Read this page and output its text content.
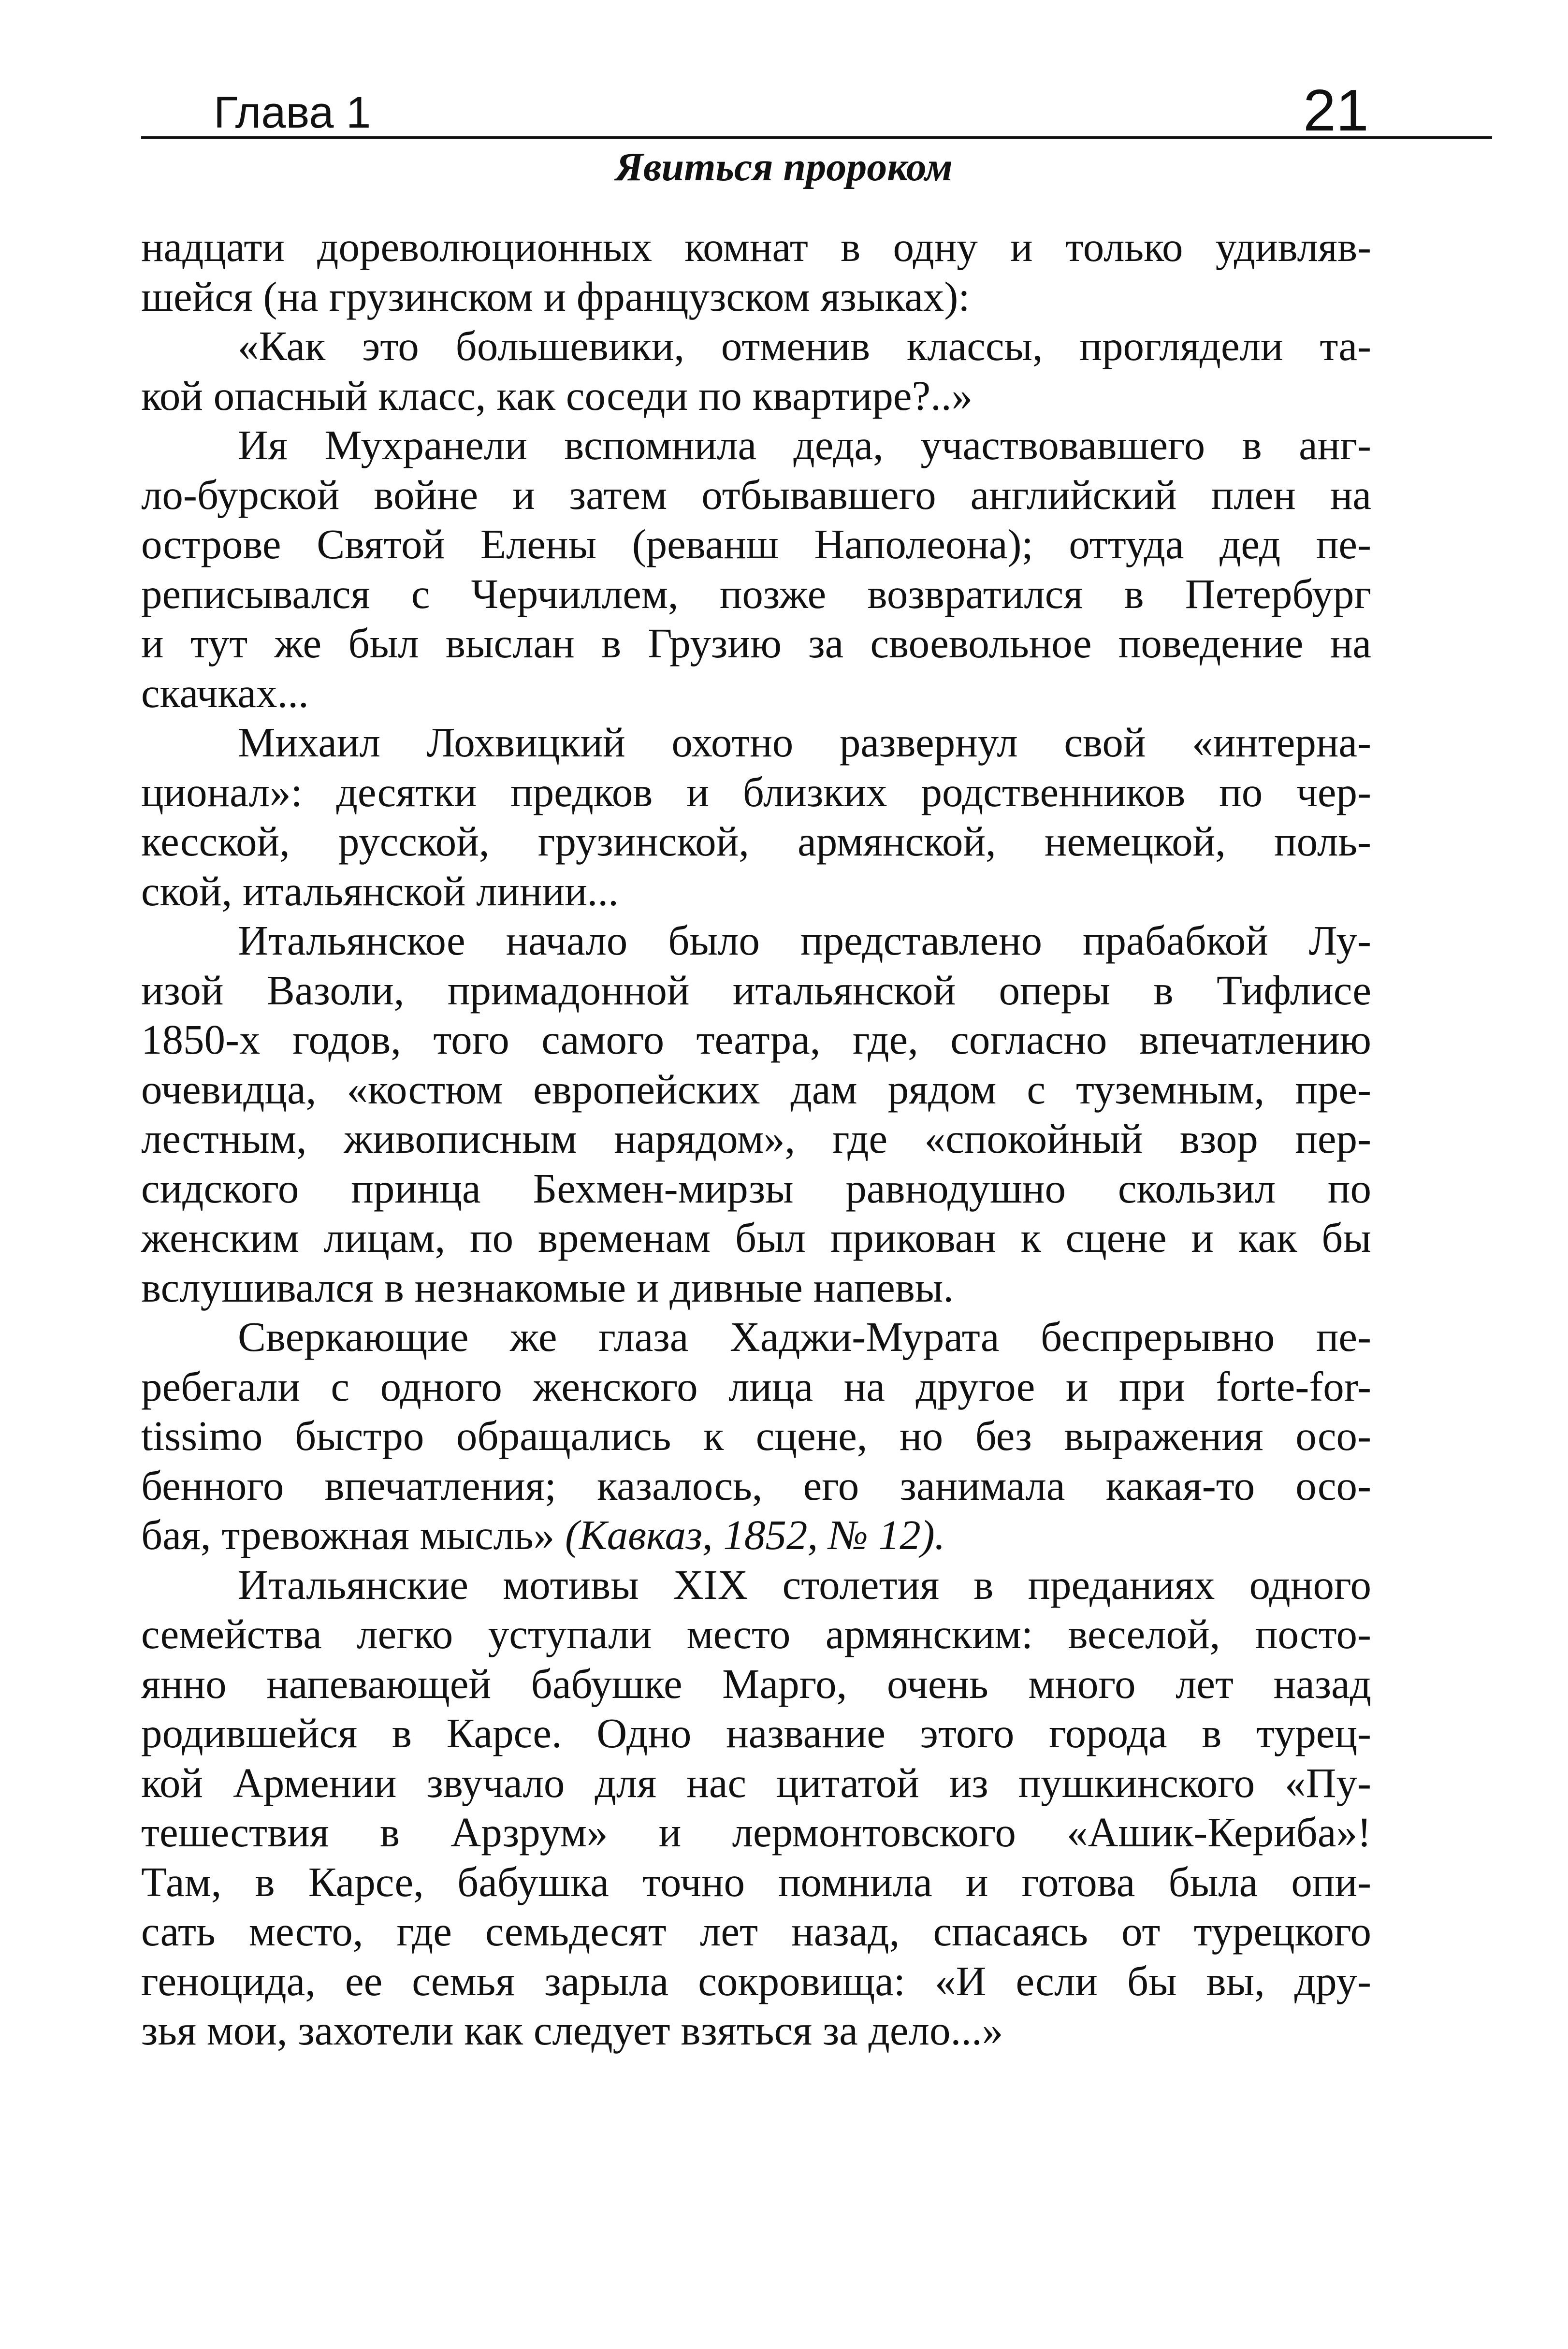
Глава 1	21
Явиться пророком
надцати дореволюционных комнат в одну и только удивляв-
шейся (на грузинском и французском языках):
«Как это большевики, отменив классы, проглядели та-
кой опасный класс, как соседи по квартире?..»
Ия Мухранели вспомнила деда, участвовавшего в анг-
ло-бурской войне и затем отбывавшего английский плен на
острове Святой Елены (реванш Наполеона); оттуда дед пе-
реписывался с Черчиллем, позже возвратился в Петербург
и тут же был выслан в Грузию за своевольное поведение на
скачках...
Михаил Лохвицкий охотно развернул свой «интерна-
ционал»: десятки предков и близких родственников по чер-
кесской, русской, грузинской, армянской, немецкой, поль-
ской, итальянской линии...
Итальянское начало было представлено прабабкой Лу-
изой Вазоли, примадонной итальянской оперы в Тифлисе
1850-х годов, того самого театра, где, согласно впечатлению
очевидца, «костюм европейских дам рядом с туземным, пре-
лестным, живописным нарядом», где «спокойный взор пер-
сидского принца Бехмен-мирзы равнодушно скользил по
женским лицам, по временам был прикован к сцене и как бы
вслушивался в незнакомые и дивные напевы.
Сверкающие же глаза Хаджи-Мурата беспрерывно пе-
ребегали с одного женского лица на другое и при forte-for-
tissimo быстро обращались к сцене, но без выражения осо-
бенного впечатления; казалось, его занимала какая-то осо-
бая, тревожная мысль» (Кавказ, 1852, № 12).
Итальянские мотивы XIX столетия в преданиях одного
семейства легко уступали место армянским: веселой, посто-
янно напевающей бабушке Марго, очень много лет назад
родившейся в Карсе. Одно название этого города в турец-
кой Армении звучало для нас цитатой из пушкинского «Пу-
тешествия в Арзрум» и лермонтовского «Ашик-Кериба»!
Там, в Карсе, бабушка точно помнила и готова была опи-
сать место, где семьдесят лет назад, спасаясь от турецкого
геноцида, ее семья зарыла сокровища: «И если бы вы, дру-
зья мои, захотели как следует взяться за дело...»
